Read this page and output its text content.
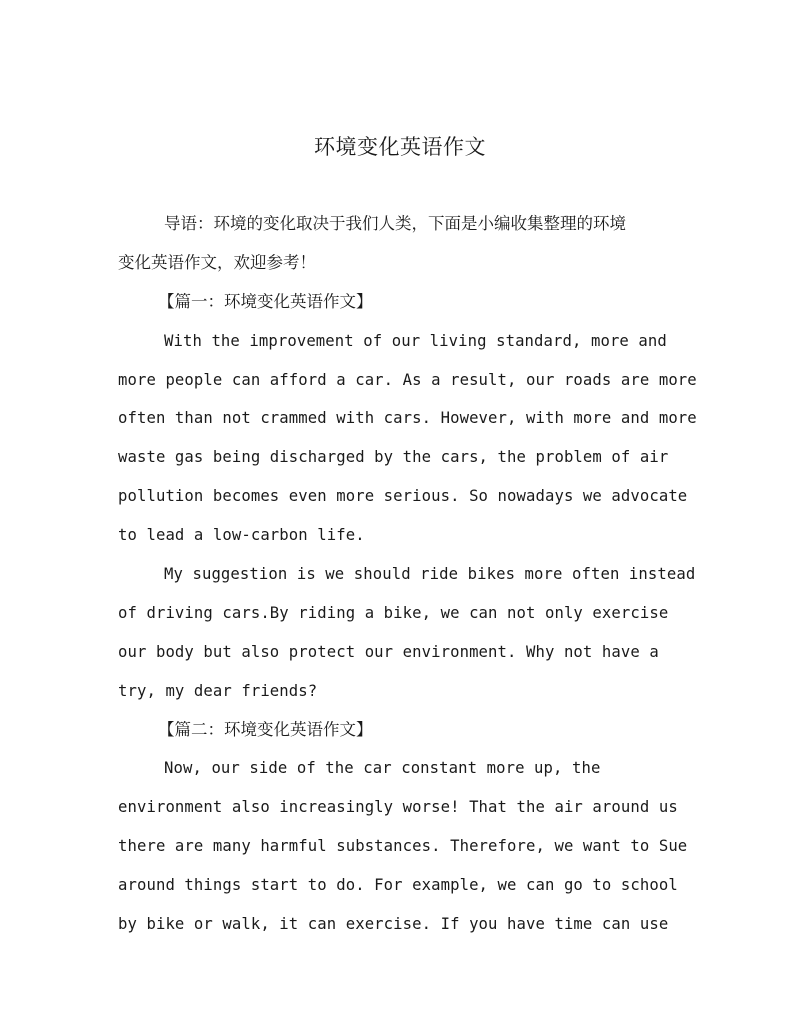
环境变化英语作文
导语：环境的变化取决于我们人类，下面是小编收集整理的环境
变化英语作文，欢迎参考！
【篇一：环境变化英语作文】
With the improvement of our living standard, more and
more people can afford a car. As a result, our roads are more
often than not crammed with cars. However, with more and more
waste gas being discharged by the cars, the problem of air
pollution becomes even more serious. So nowadays we advocate
to lead a low-carbon life.
My suggestion is we should ride bikes more often instead
of driving cars.By riding a bike, we can not only exercise
our body but also protect our environment. Why not have a
try, my dear friends?
【篇二：环境变化英语作文】
Now, our side of the car constant more up, the
environment also increasingly worse! That the air around us
there are many harmful substances. Therefore, we want to Sue
around things start to do. For example, we can go to school
by bike or walk, it can exercise. If you have time can use
